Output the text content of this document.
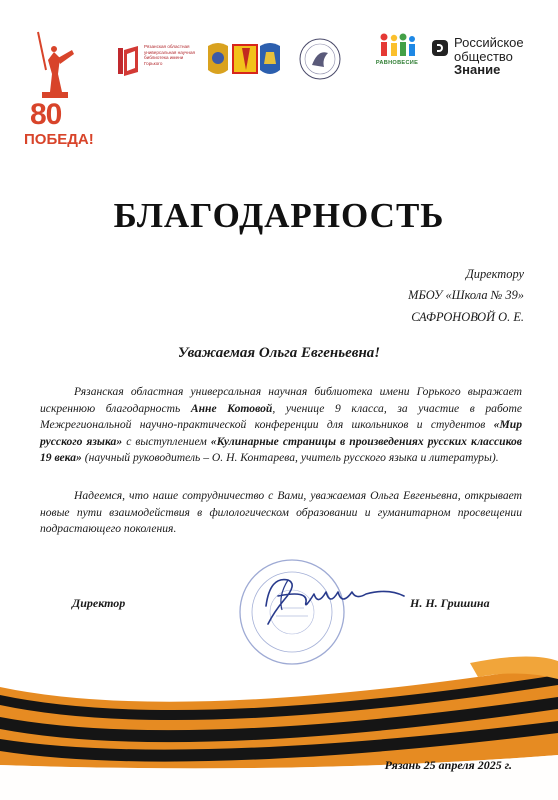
80
ПОБЕДА!
Рязанская областная универсальная научная библиотека имени Горького	РАВНОВЕСИЕ
Российское
общество
Знание
БЛАГОДАРНОСТЬ
Директору
МБОУ «Школа № 39»
САФРОНОВОЙ О. Е.
Уважаемая Ольга Евгеньевна!

Рязанская областная универсальная научная библиотека имени Горького выражает искреннюю благодарность Анне Котовой, ученице 9 класса, за участие в работе Межрегиональной научно-практической конференции для школьников и студентов «Мир русского языка» с выступлением «Кулинарные страницы в произведениях русских классиков 19 века» (научный руководитель – О. Н. Контарева, учитель русского языка и литературы).

Надеемся, что наше сотрудничество с Вами, уважаемая Ольга Евгеньевна, открывает новые пути взаимодействия в филологическом образовании и гуманитарном просвещении подрастающего поколения.

Директор	Н. Н. Гришина
Рязань 25 апреля 2025 г.
